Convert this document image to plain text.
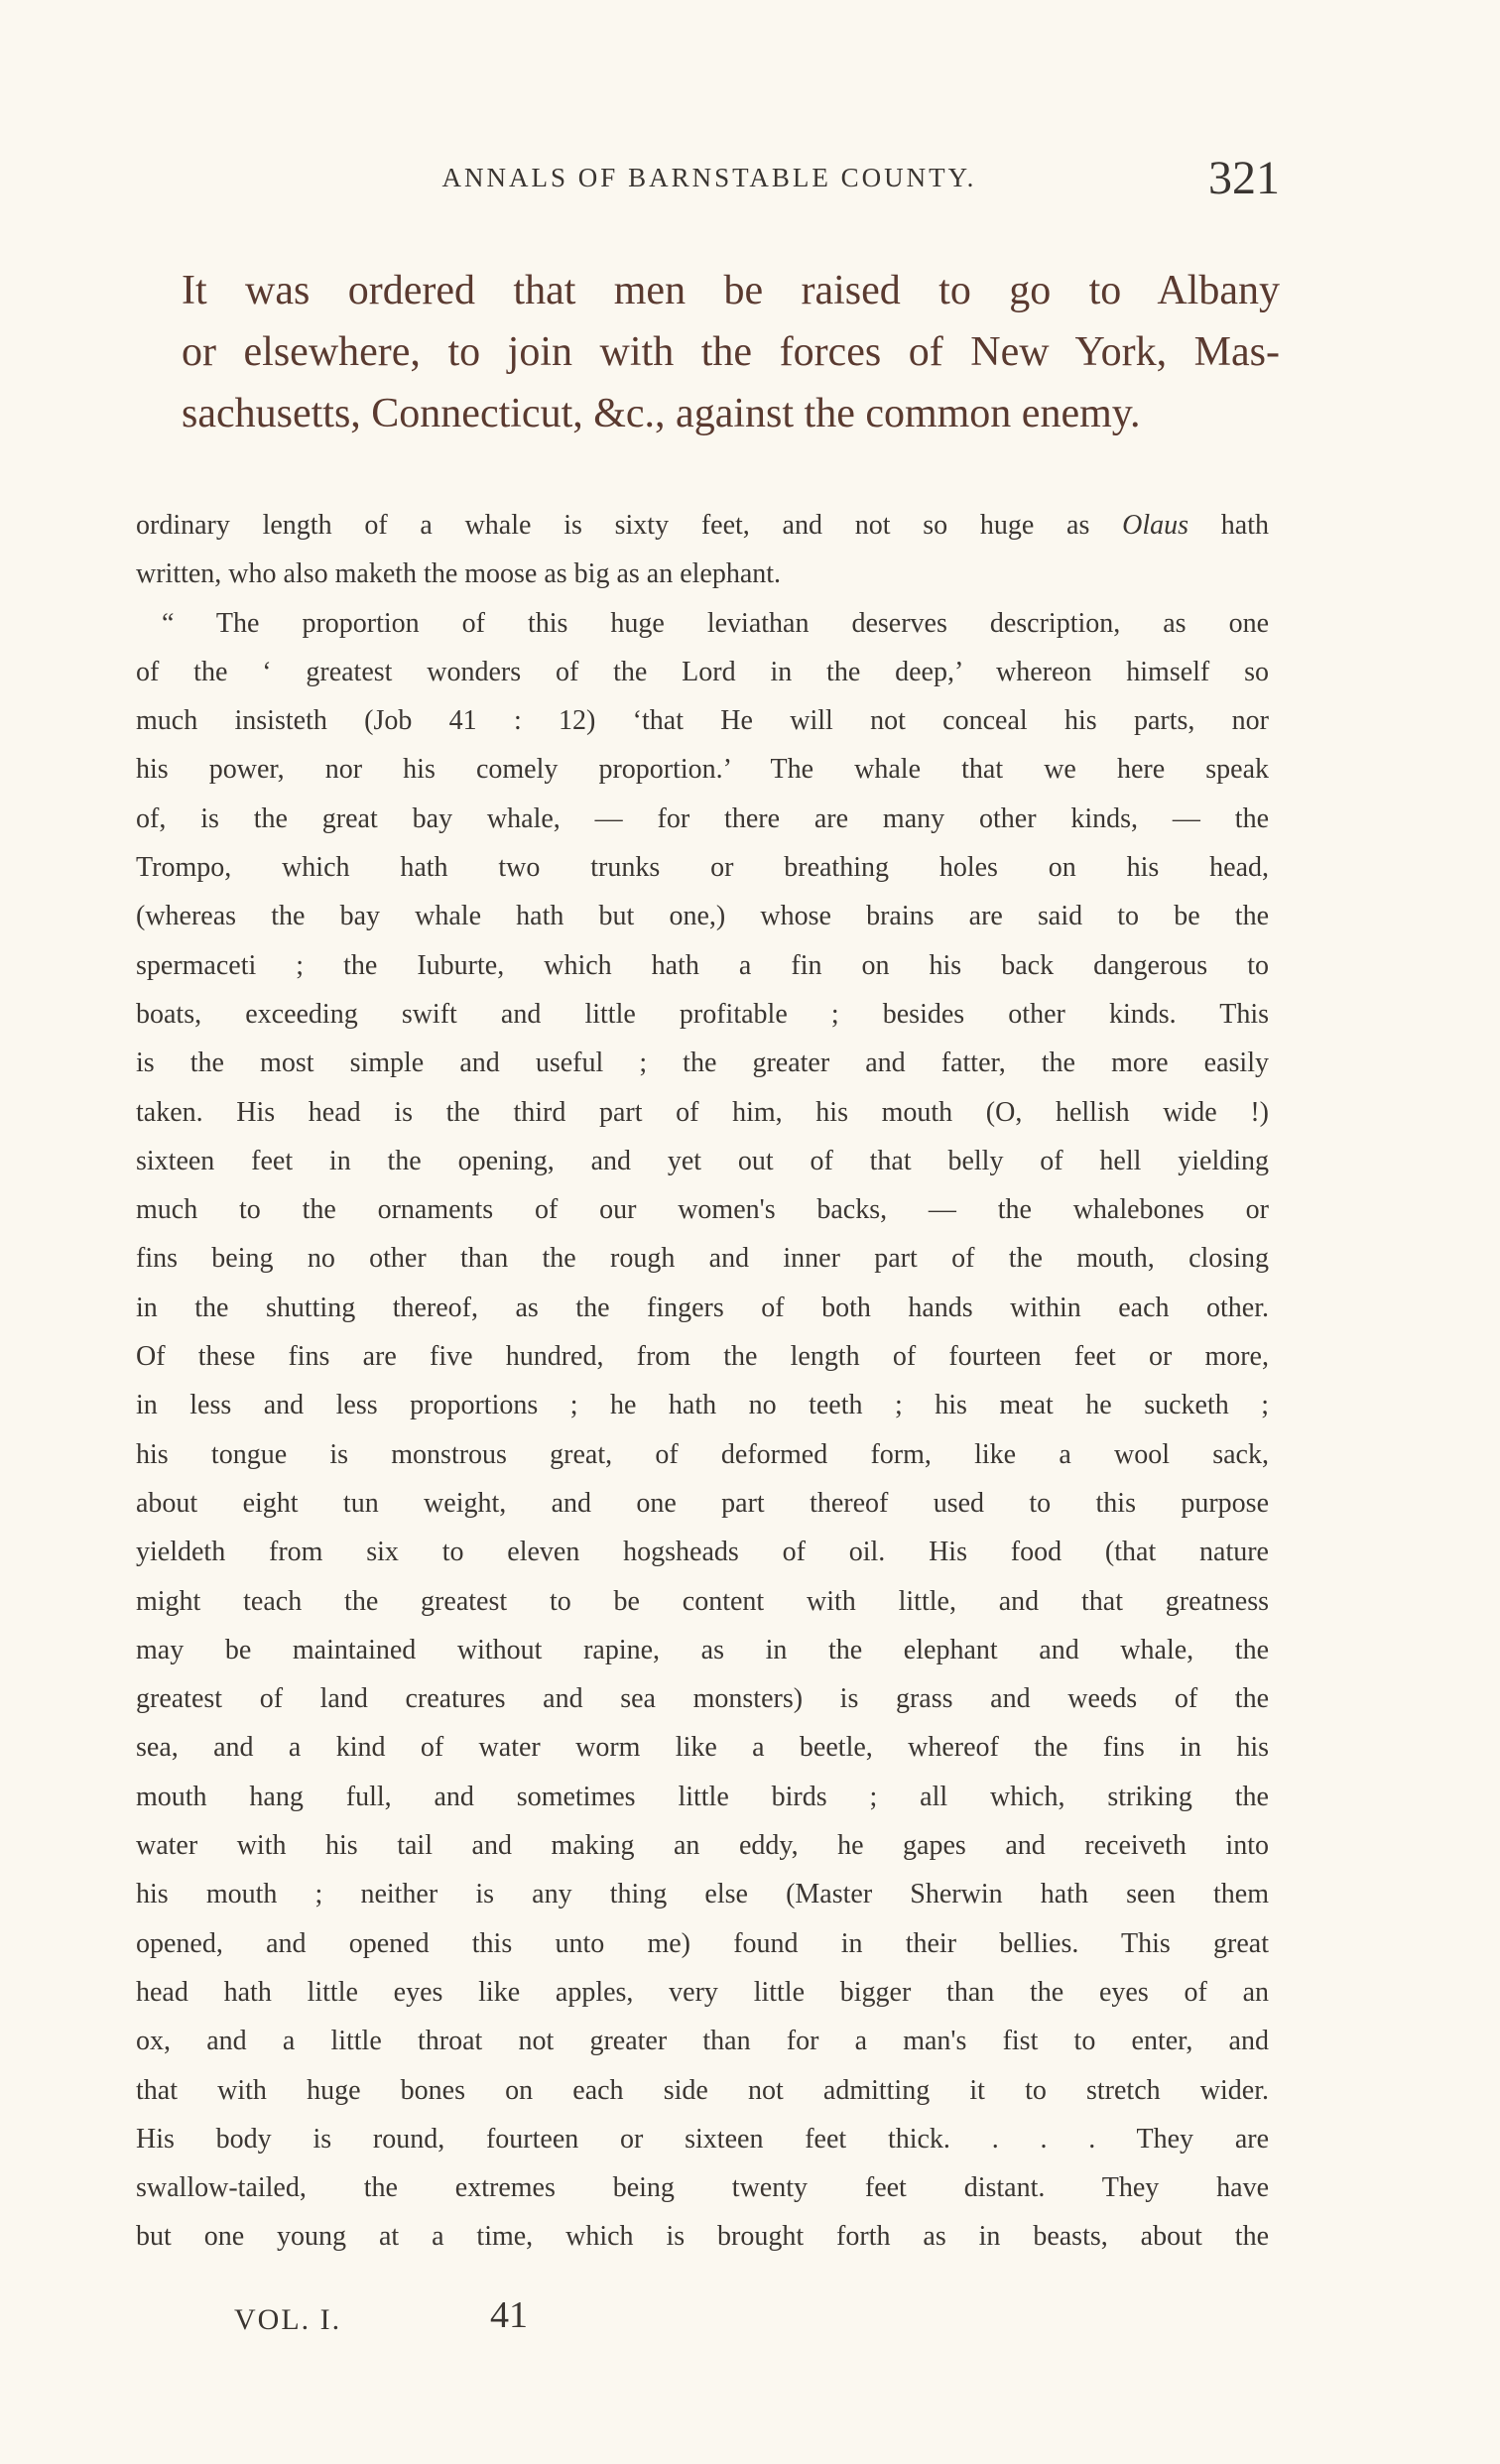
ANNALS OF BARNSTABLE COUNTY.	321
It was ordered that men be raised to go to Albany
or elsewhere, to join with the forces of New York, Mas-
sachusetts, Connecticut, &c., against the common enemy.
ordinary length of a whale is sixty feet, and not so huge as Olaus hath
written, who also maketh the moose as big as an elephant.
“ The proportion of this huge leviathan deserves description, as one
of the ‘ greatest wonders of the Lord in the deep,’ whereon himself so
much insisteth (Job 41 : 12) ‘that He will not conceal his parts, nor
his power, nor his comely proportion.’ The whale that we here speak
of, is the great bay whale, — for there are many other kinds, — the
Trompo, which hath two trunks or breathing holes on his head,
(whereas the bay whale hath but one,) whose brains are said to be the
spermaceti ; the Iuburte, which hath a fin on his back dangerous to
boats, exceeding swift and little profitable ; besides other kinds. This
is the most simple and useful ; the greater and fatter, the more easily
taken. His head is the third part of him, his mouth (O, hellish wide !)
sixteen feet in the opening, and yet out of that belly of hell yielding
much to the ornaments of our women's backs, — the whalebones or
fins being no other than the rough and inner part of the mouth, closing
in the shutting thereof, as the fingers of both hands within each other.
Of these fins are five hundred, from the length of fourteen feet or more,
in less and less proportions ; he hath no teeth ; his meat he sucketh ;
his tongue is monstrous great, of deformed form, like a wool sack,
about eight tun weight, and one part thereof used to this purpose
yieldeth from six to eleven hogsheads of oil. His food (that nature
might teach the greatest to be content with little, and that greatness
may be maintained without rapine, as in the elephant and whale, the
greatest of land creatures and sea monsters) is grass and weeds of the
sea, and a kind of water worm like a beetle, whereof the fins in his
mouth hang full, and sometimes little birds ; all which, striking the
water with his tail and making an eddy, he gapes and receiveth into
his mouth ; neither is any thing else (Master Sherwin hath seen them
opened, and opened this unto me) found in their bellies. This great
head hath little eyes like apples, very little bigger than the eyes of an
ox, and a little throat not greater than for a man's fist to enter, and
that with huge bones on each side not admitting it to stretch wider.
His body is round, fourteen or sixteen feet thick. . . . They are
swallow-tailed, the extremes being twenty feet distant. They have
but one young at a time, which is brought forth as in beasts, about the
VOL. I.	41
